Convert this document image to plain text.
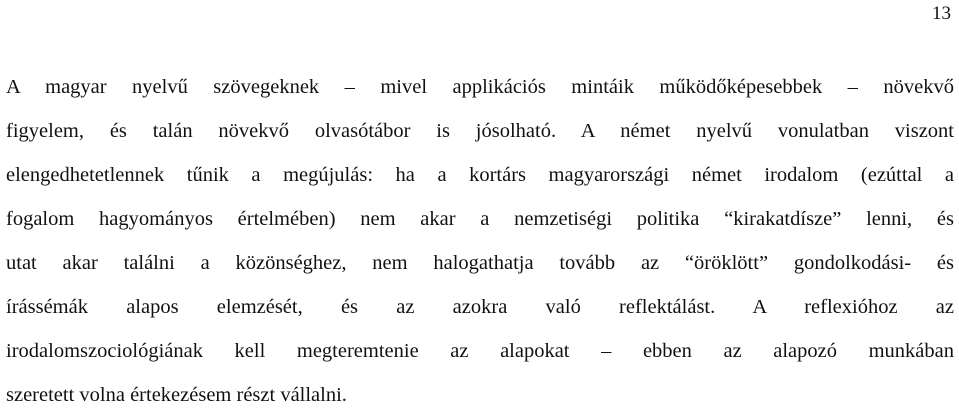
13
A magyar nyelvű szövegeknek – mivel applikációs mintáik működőképesebbek – növekvő
figyelem, és talán növekvő olvasótábor is jósolható. A német nyelvű vonulatban viszont
elengedhetetlennek tűnik a megújulás: ha a kortárs magyarországi német irodalom (ezúttal a
fogalom hagyományos értelmében) nem akar a nemzetiségi politika “kirakatdísze” lenni, és
utat akar találni a közönséghez, nem halogathatja tovább az “öröklött” gondolkodási- és
írássémák alapos elemzését, és az azokra való reflektálást. A reflexióhoz az
irodalomszociológiának kell megteremtenie az alapokat – ebben az alapozó munkában
szeretett volna értekezésem részt vállalni.
